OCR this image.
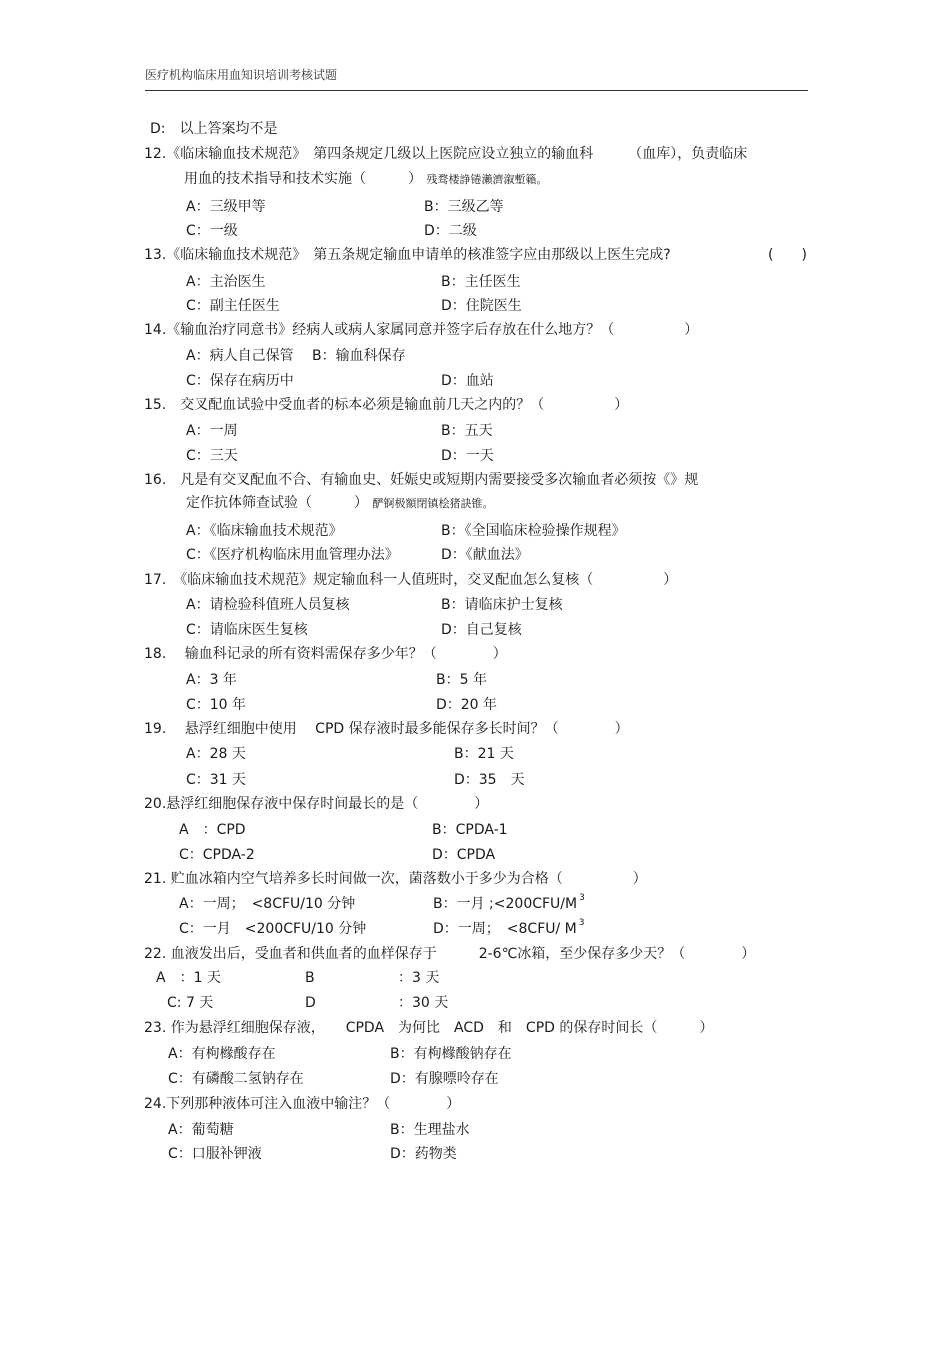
医疗机构临床用血知识培训考核试题
D:　以上答案均不是
12.《临床输血技术规范》　第四条规定几级以上医院应设立独立的输血科　　　（血库），负责临床
用血的技术指导和技术实施（　　　） 残骛楼諍锩瀨濟溆塹籟。
A：三级甲等	B：三级乙等
C：一级	D：二级
13.《临床输血技术规范》　第五条规定输血申请单的核准签字应由那级以上医生完成?	(　　)
A：主治医生	B：主任医生
C：副主任医生	D：住院医生
14.《输血治疗同意书》经病人或病人家属同意并签字后存放在什么地方？（　　　　　）
A：病人自己保管　 B：输血科保存
C：保存在病历中	D：血站
15.　交叉配血试验中受血者的标本必须是输血前几天之内的？（　　　　　）
A：一周	B：五天
C：三天	D：一天
16.　凡是有交叉配血不合、有输血史、妊娠史或短期内需要接受多次输血者必须按《》规
定作抗体筛查试验（　　　） 酽锕极額閉镇桧猪訣锥。
A：《临床输血技术规范》	B：《全国临床检验操作规程》
C：《医疗机构临床用血管理办法》	D：《献血法》
17.　《临床输血技术规范》规定输血科一人值班时，交叉配血怎么复核（　　　　　）
A：请检验科值班人员复核	B：请临床护士复核
C：请临床医生复核	D：自己复核
18.　 输血科记录的所有资料需保存多少年？（　　　　）
A：3 年	B：5 年
C：10 年	D：20 年
19.　 悬浮红细胞中使用　 CPD 保存液时最多能保存多长时间？（　　　　）
A：28 天	B：21 天
C：31 天	D：35　天
20.悬浮红细胞保存液中保存时间最长的是（　　　　）
A　：CPD	B：CPDA-1
C：CPDA-2	D：CPDA
21. 贮血冰箱内空气培养多长时间做一次，菌落数小于多少为合格（　　　　　）
A：一周；　<8CFU/10 分钟	B：一月 ;<200CFU/M $^3$
C：一月　<200CFU/10 分钟	D：一周；　<8CFU/ M $^3$
22. 血液发出后，受血者和供血者的血样保存于　　　2-6℃冰箱，至少保存多少天？（　　　　）
A　：1 天	B	：3 天
C: 7 天	D	：30 天
23. 作为悬浮红细胞保存液，　　CPDA　为何比　ACD　和　CPD 的保存时间长（　　　）
A：有枸橼酸存在	B：有枸橼酸钠存在
C：有磷酸二氢钠存在	D：有腺嘌呤存在
24.下列那种液体可注入血液中输注？（　　　　）
A：葡萄糖	B：生理盐水
C：口服补钾液	D：药物类
